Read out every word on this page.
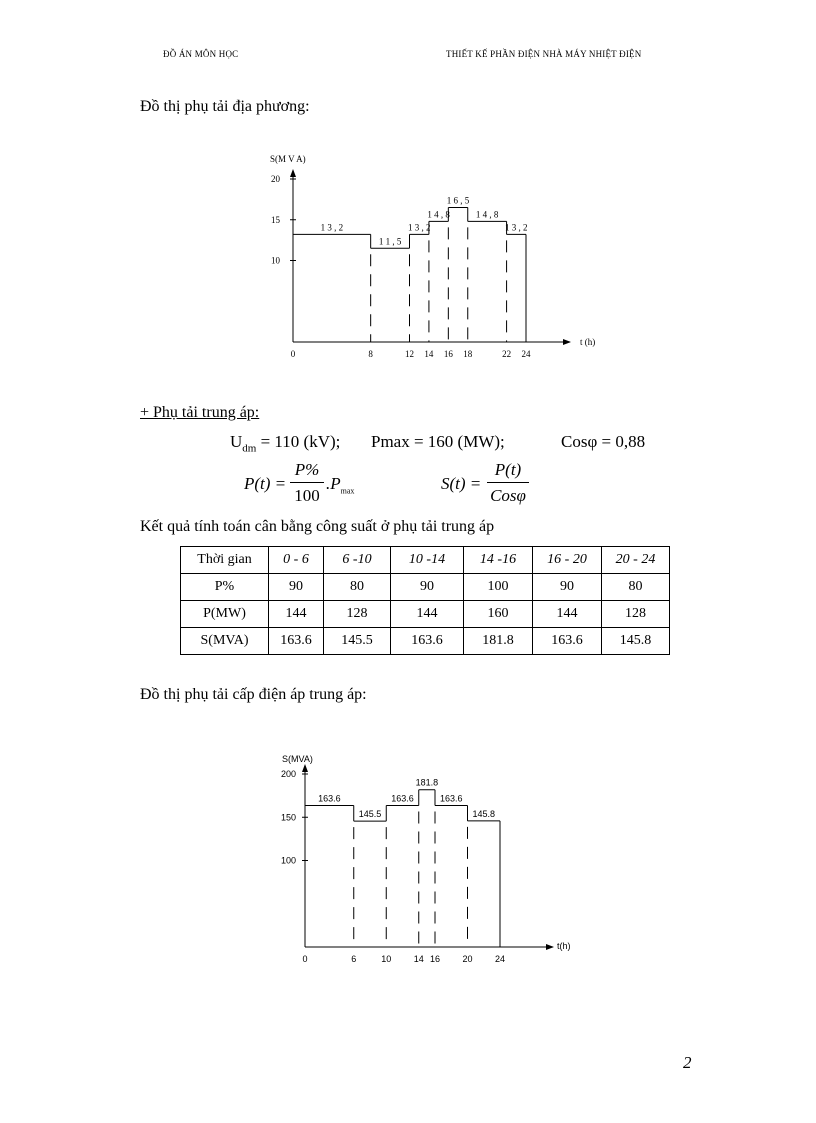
ĐỒ ÁN MÔN HỌC	THIẾT KẾ PHẦN ĐIỆN NHÀ MÁY NHIỆT ĐIỆN
Đồ thị phụ tải địa phương:
S(M V A)
t (h)
20
15
10
0	8	12 14 16 18	22 24
1 3 , 2
1 1 , 5
1 3 , 2
1 4 , 8
1 6 , 5
1 4 , 8
1 3 , 2
+ Phụ tải trung áp:
$U_{dm} = 110$ (kV); Pmax = 160 (MW);	Cosφ = 0,88
P(t) =
P%
100
$.P_{max}$	S(t) =
P(t)
Cosφ
Kết quả tính toán cân bằng công suất ở phụ tải trung áp
Thời gian	0 - 6	6 -10	10 -14	14 -16	16 - 20	20 - 24
P%	90	80	90	100	90	80
P(MW)	144	128	144	160	144	128
S(MVA)	163.6	145.5	163.6	181.8	163.6	145.8
Đồ thị phụ tải cấp điện áp trung áp:
S(MVA)
t(h)
200
150
100
0	6	10 14 16 20 24
163.6
145.5
163.6
181.8
163.6
145.8
2
